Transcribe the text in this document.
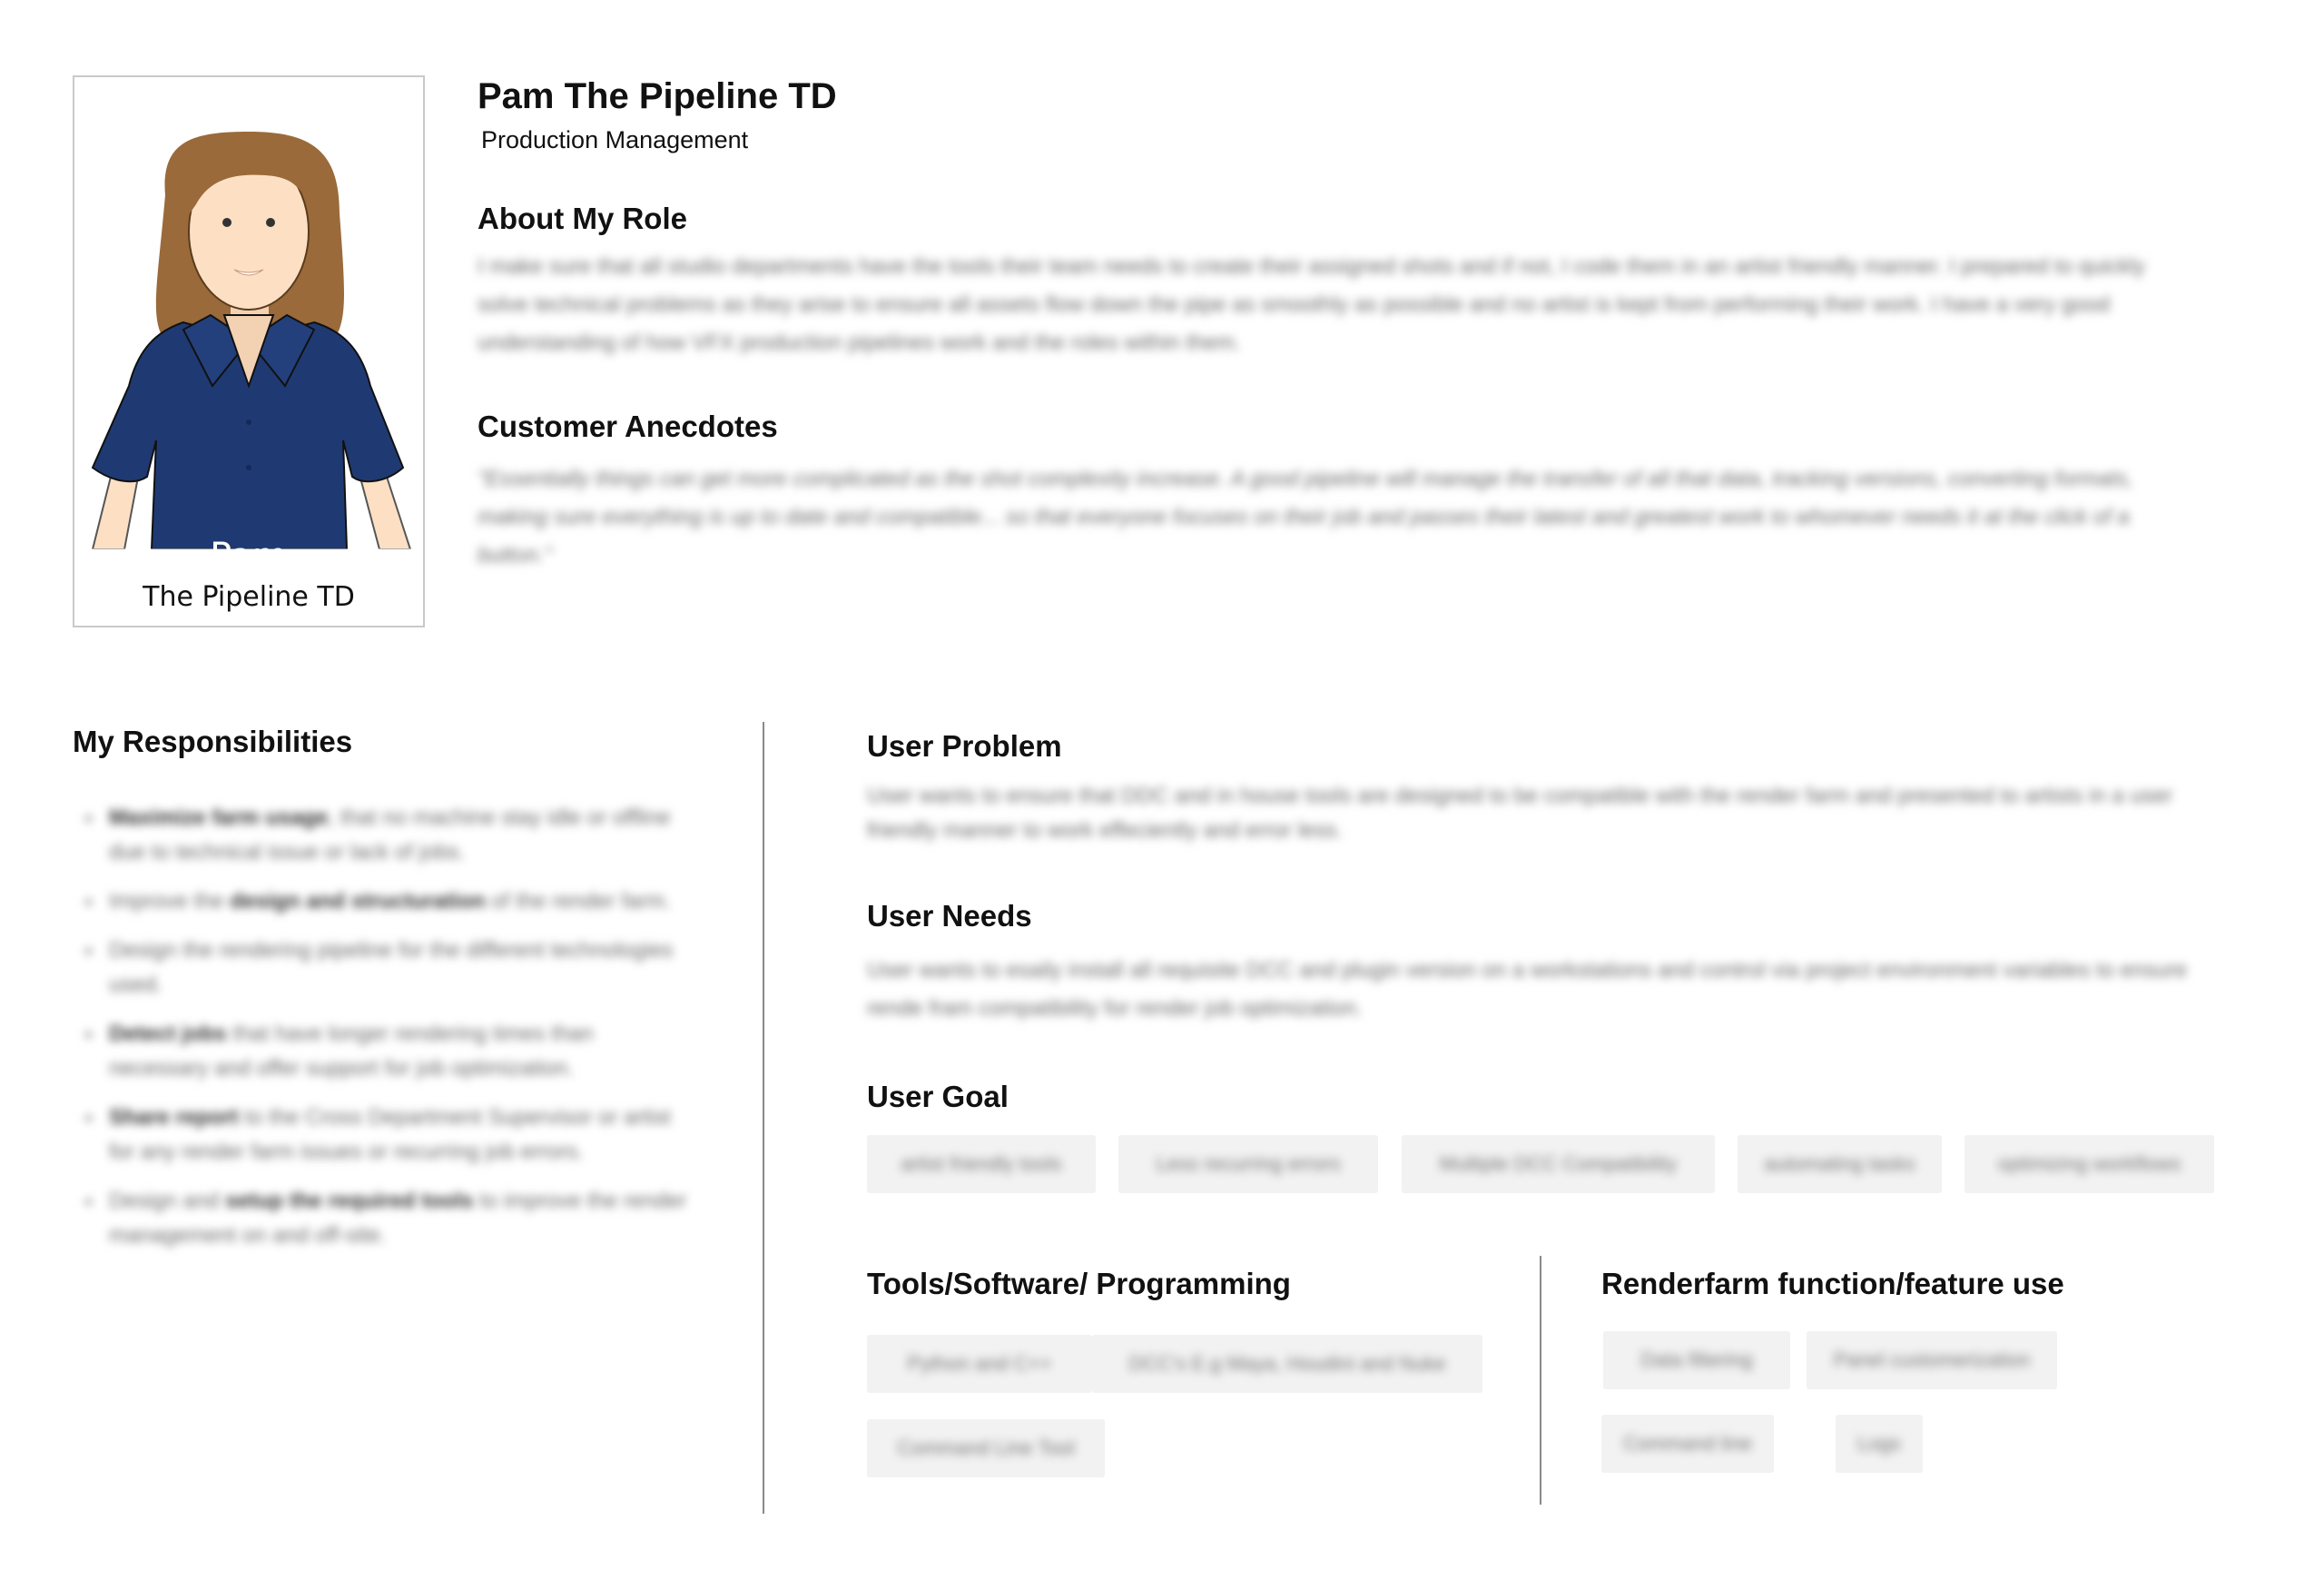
Pam
The Pipeline TD
Pam The Pipeline TD
Production Management
About My Role
I make sure that all studio departments have the tools their team needs to create their assigned shots and if not, I code them in an artist friendly manner. I prepared to quickly solve technical problems as they arise to ensure all assets flow down the pipe as smoothly as possible and no artist is kept from performing their work. I have a very good understanding of how VFX production pipelines work and the roles within them.
Customer Anecdotes
"Essentially things can get more complicated as the shot complexity increase. A good pipeline will manage the transfer of all that data, tracking versions, converting formats, making sure everything is up to date and compatible... so that everyone focuses on their job and passes their latest and greatest work to whomever needs it at the click of a button."
My Responsibilities
Maximize farm usage, that no machine stay idle or offline due to technical issue or lack of jobs.
Improve the design and structuration of the render farm.
Design the rendering pipeline for the different technologies used.
Detect jobs that have longer rendering times than necessary and offer support for job optimization.
Share report to the Cross Department Supervisor or artist for any render farm issues or recurring job errors.
Design and setup the required tools to improve the render management on and off-site.
User Problem
User wants to ensure that DDC and in house tools are designed to be compatible with the render farm and presented to artists in a user friendly manner to work effeciently and error less.
User Needs
User wants to esaily install all requisite DCC and plugin version on a workstations and control via project environment variables to ensure rende fram compatibility for render job optimization.
User Goal
artist friendly tools	Less recurring errors	Multiple DCC Compatibility	automating tasks	optimizing workflows
Tools/Software/ Programming
Python and C++	DCC's E.g Maya, Houdini and Nuke
Command Line Tool
Renderfarm function/feature use
Data filtering	Panel customerization
Command line	Logs
